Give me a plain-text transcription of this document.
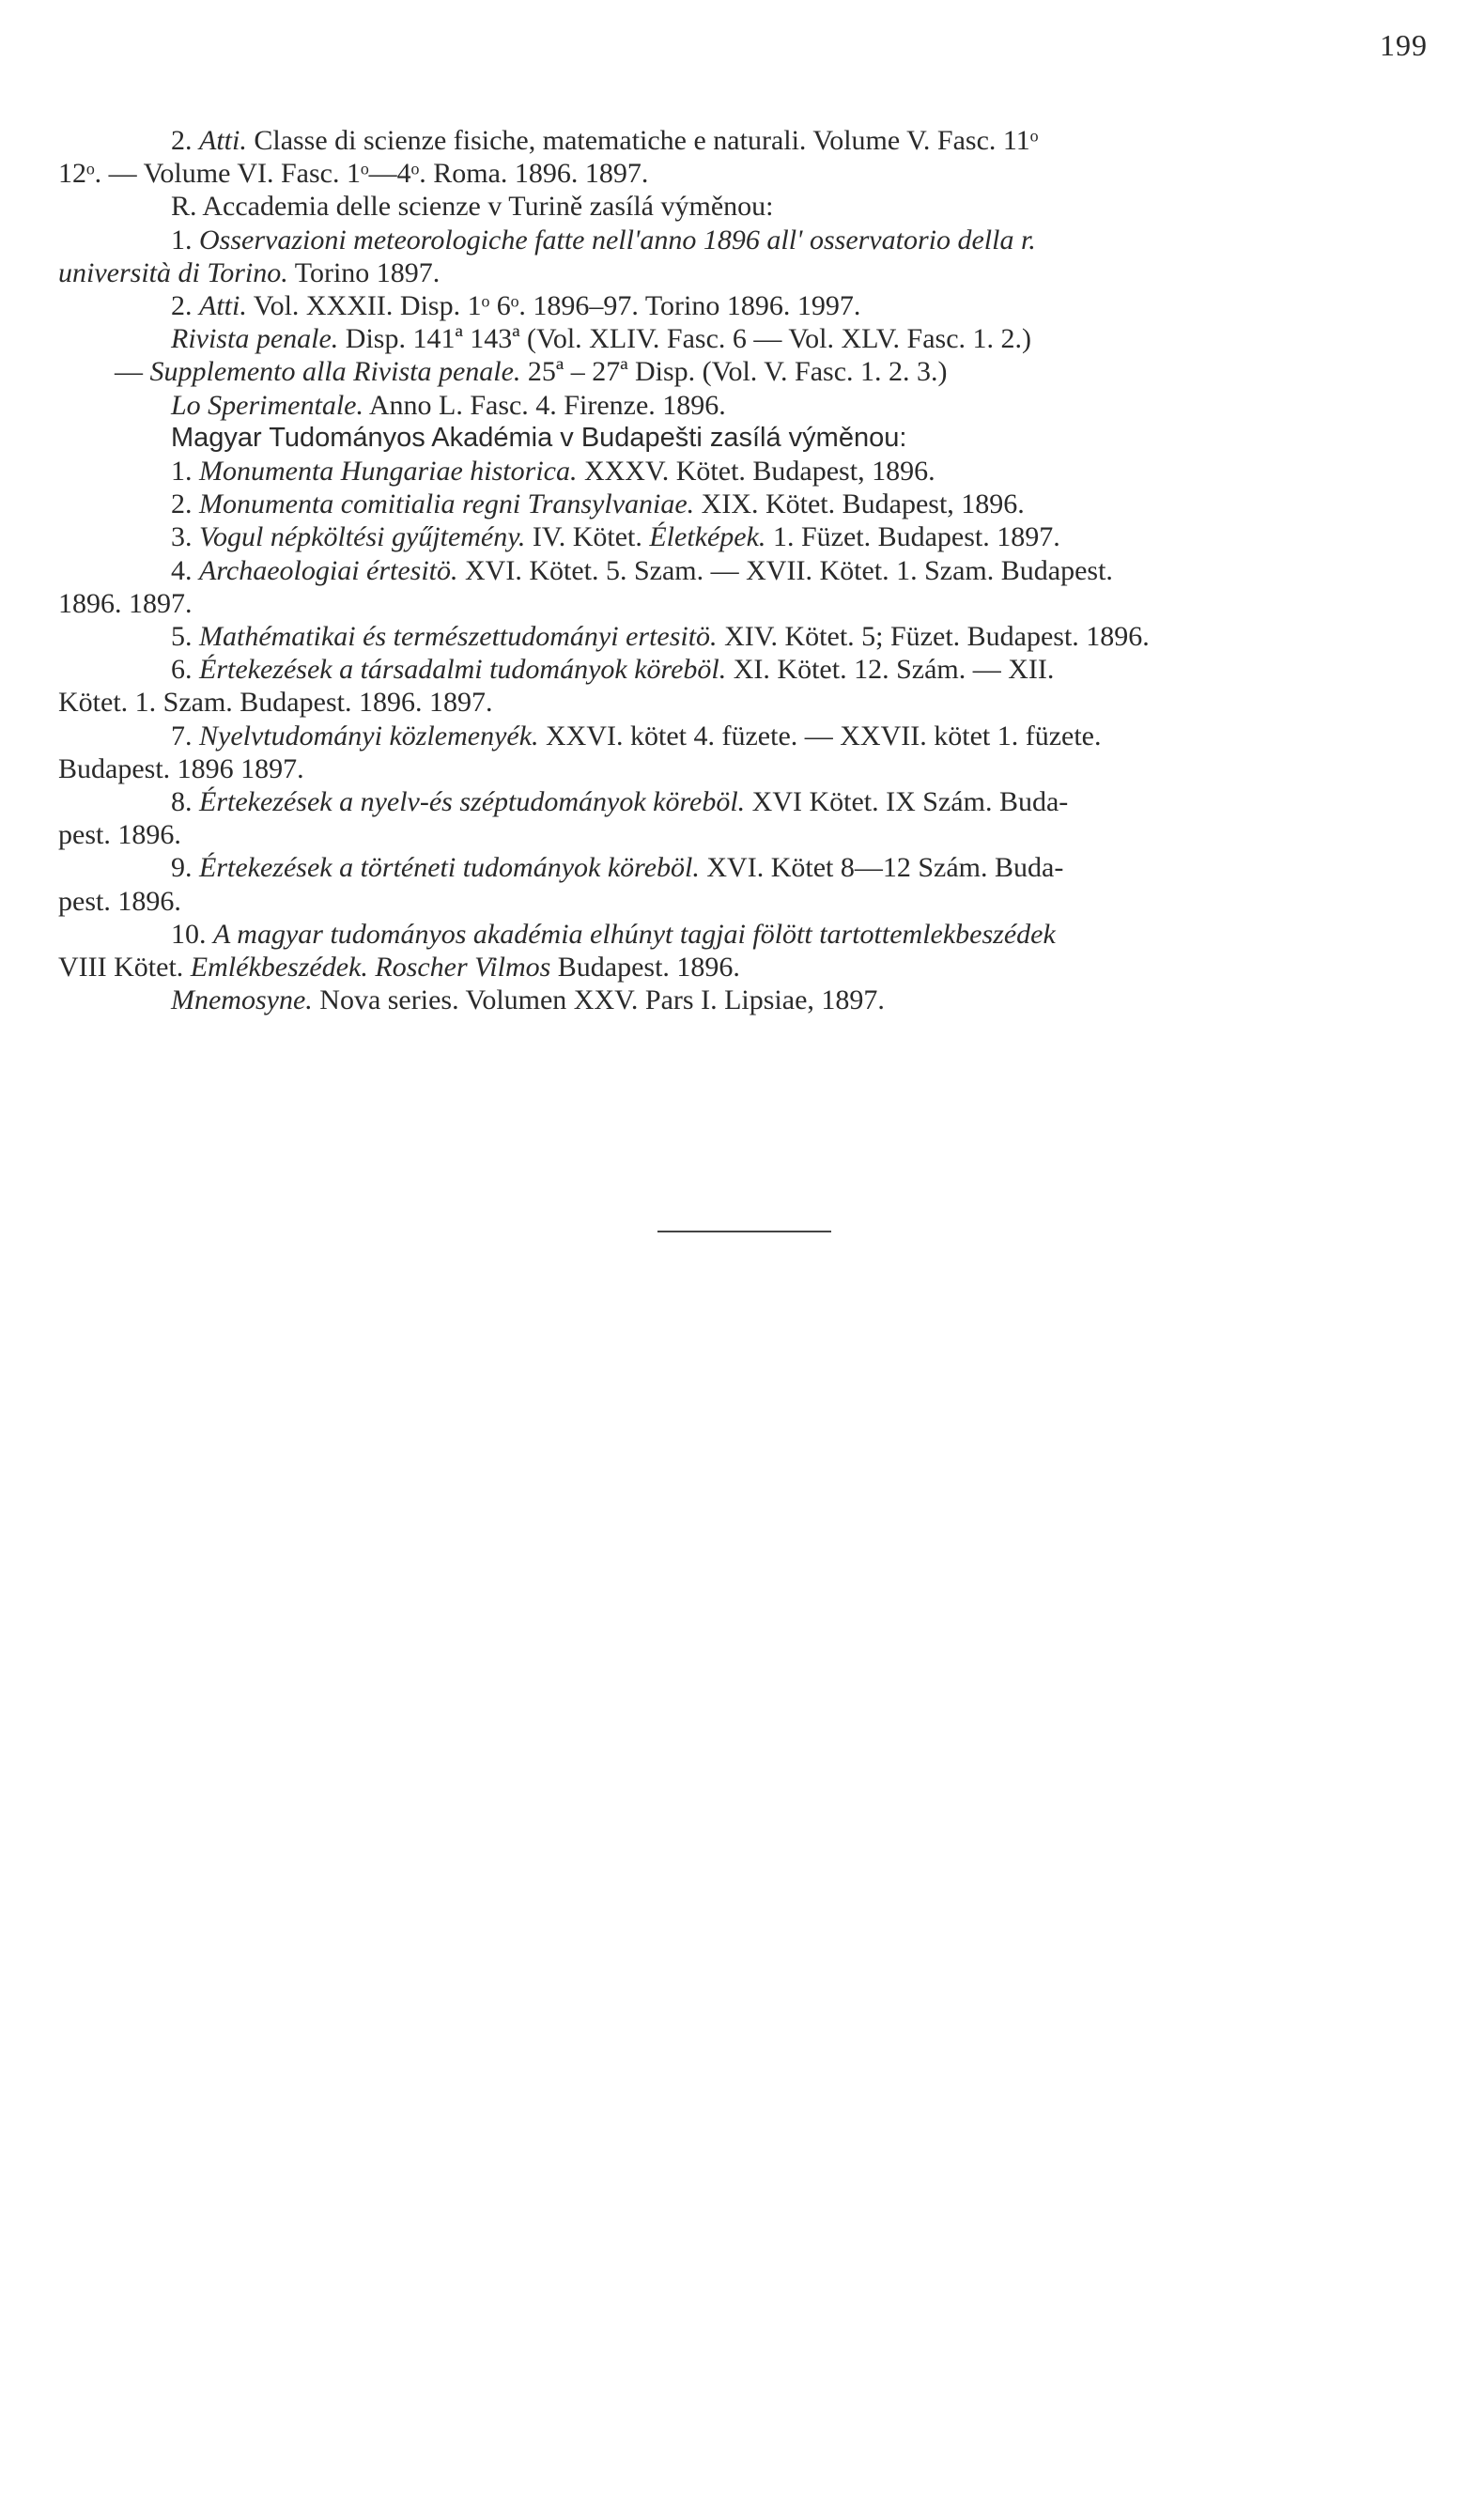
199
2. Atti. Classe di scienze fisiche, matematiche e naturali. Volume V. Fasc. 11ᵒ
12ᵒ. — Volume VI. Fasc. 1ᵒ—4ᵒ. Roma. 1896. 1897.
R. Accademia delle scienze v Turině zasílá výměnou:
1. Osservazioni meteorologiche fatte nell'anno 1896 all' osservatorio della r.
università di Torino. Torino 1897.
2. Atti. Vol. XXXII. Disp. 1ᵒ 6ᵒ. 1896–97. Torino 1896. 1997.
Rivista penale. Disp. 141ª 143ª (Vol. XLIV. Fasc. 6 — Vol. XLV. Fasc. 1. 2.)
— Supplemento alla Rivista penale. 25ª – 27ª Disp. (Vol. V. Fasc. 1. 2. 3.)
Lo Sperimentale. Anno L. Fasc. 4. Firenze. 1896.
Magyar Tudományos Akadémia v Budapešti zasílá výměnou:
1. Monumenta Hungariae historica. XXXV. Kötet. Budapest, 1896.
2. Monumenta comitialia regni Transylvaniae. XIX. Kötet. Budapest, 1896.
3. Vogul népköltési gyűjtemény. IV. Kötet. Életképek. 1. Füzet. Budapest. 1897.
4. Archaeologiai értesitö. XVI. Kötet. 5. Szam. — XVII. Kötet. 1. Szam. Budapest.
1896. 1897.
5. Mathématikai és természettudományi ertesitö. XIV. Kötet. 5; Füzet. Budapest. 1896.
6. Értekezések a társadalmi tudományok köreböl. XI. Kötet. 12. Szám. — XII.
Kötet. 1. Szam. Budapest. 1896. 1897.
7. Nyelvtudományi közlemenyék. XXVI. kötet 4. füzete. — XXVII. kötet 1. füzete.
Budapest. 1896 1897.
8. Értekezések a nyelv-és széptudományok köreböl. XVI Kötet. IX Szám. Buda-
pest. 1896.
9. Értekezések a történeti tudományok köreböl. XVI. Kötet 8—12 Szám. Buda-
pest. 1896.
10. A magyar tudományos akadémia elhúnyt tagjai fölött tartottemlekbeszédek
VIII Kötet. Emlékbeszédek. Roscher Vilmos Budapest. 1896.
Mnemosyne. Nova series. Volumen XXV. Pars I. Lipsiae, 1897.
